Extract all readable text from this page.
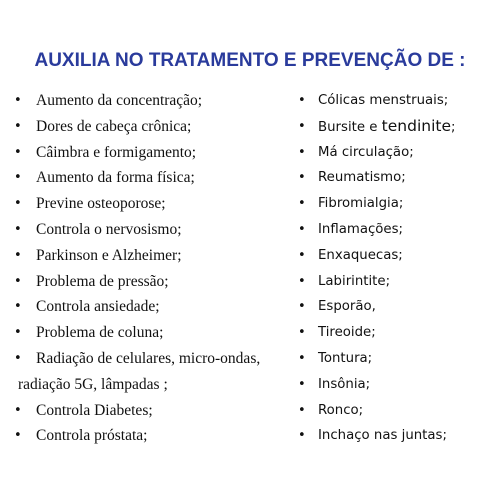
AUXILIA NO TRATAMENTO E PREVENÇÃO DE :
• Aumento da concentração;
• Dores de cabeça crônica;
• Câimbra e formigamento;
• Aumento da forma física;
• Previne osteoporose;
• Controla o nervosismo;
• Parkinson e Alzheimer;
• Problema de pressão;
• Controla ansiedade;
• Problema de coluna;
• Radiação de celulares, micro-ondas,
radiação 5G, lâmpadas ;
• Controla Diabetes;
• Controla próstata;
• Cólicas menstruais;
• Bursite e tendinite;
• Má circulação;
• Reumatismo;
• Fibromialgia;
• Inflamações;
• Enxaquecas;
• Labirintite;
• Esporão,
• Tireoide;
• Tontura;
• Insônia;
• Ronco;
• Inchaço nas juntas;
